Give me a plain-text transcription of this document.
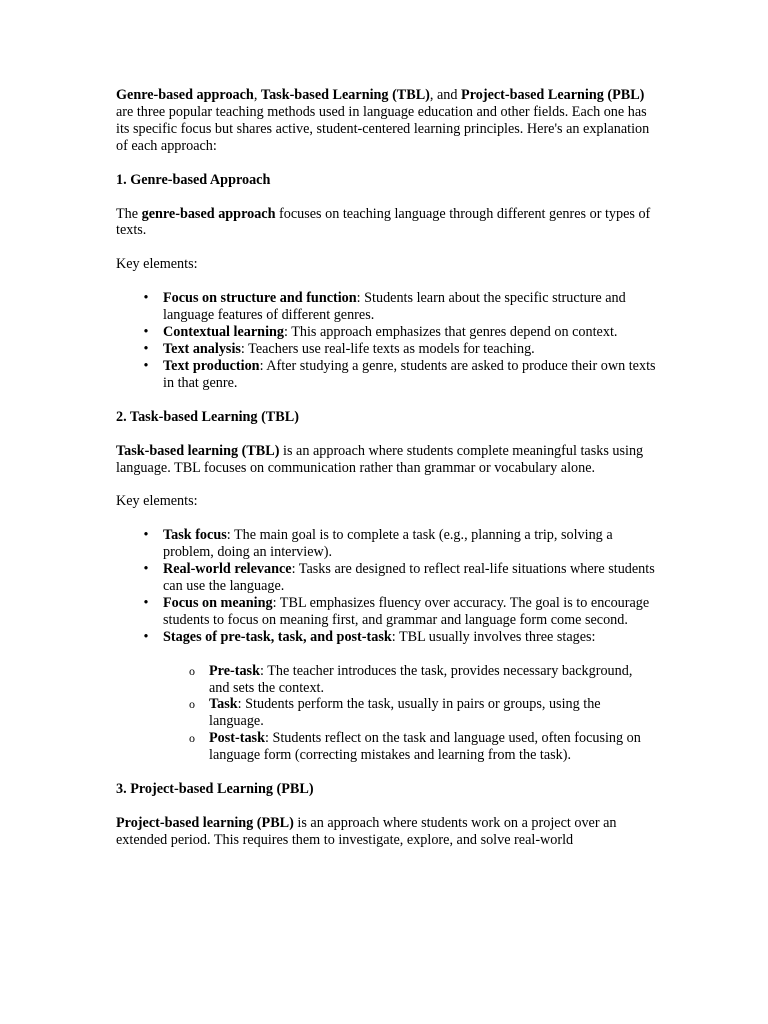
Genre-based approach, Task-based Learning (TBL), and Project-based Learning (PBL) are three popular teaching methods used in language education and other fields. Each one has its specific focus but shares active, student-centered learning principles. Here's an explanation of each approach:

1. Genre-based Approach

The genre-based approach focuses on teaching language through different genres or types of texts.

Key elements:

• Focus on structure and function: Students learn about the specific structure and language features of different genres.
• Contextual learning: This approach emphasizes that genres depend on context.
• Text analysis: Teachers use real-life texts as models for teaching.
• Text production: After studying a genre, students are asked to produce their own texts in that genre.

2. Task-based Learning (TBL)

Task-based learning (TBL) is an approach where students complete meaningful tasks using language. TBL focuses on communication rather than grammar or vocabulary alone.

Key elements:

• Task focus: The main goal is to complete a task (e.g., planning a trip, solving a problem, doing an interview).
• Real-world relevance: Tasks are designed to reflect real-life situations where students can use the language.
• Focus on meaning: TBL emphasizes fluency over accuracy. The goal is to encourage students to focus on meaning first, and grammar and language form come second.
• Stages of pre-task, task, and post-task: TBL usually involves three stages:
o Pre-task: The teacher introduces the task, provides necessary background, and sets the context.
o Task: Students perform the task, usually in pairs or groups, using the language.
o Post-task: Students reflect on the task and language used, often focusing on language form (correcting mistakes and learning from the task).

3. Project-based Learning (PBL)

Project-based learning (PBL) is an approach where students work on a project over an extended period. This requires them to investigate, explore, and solve real-world
